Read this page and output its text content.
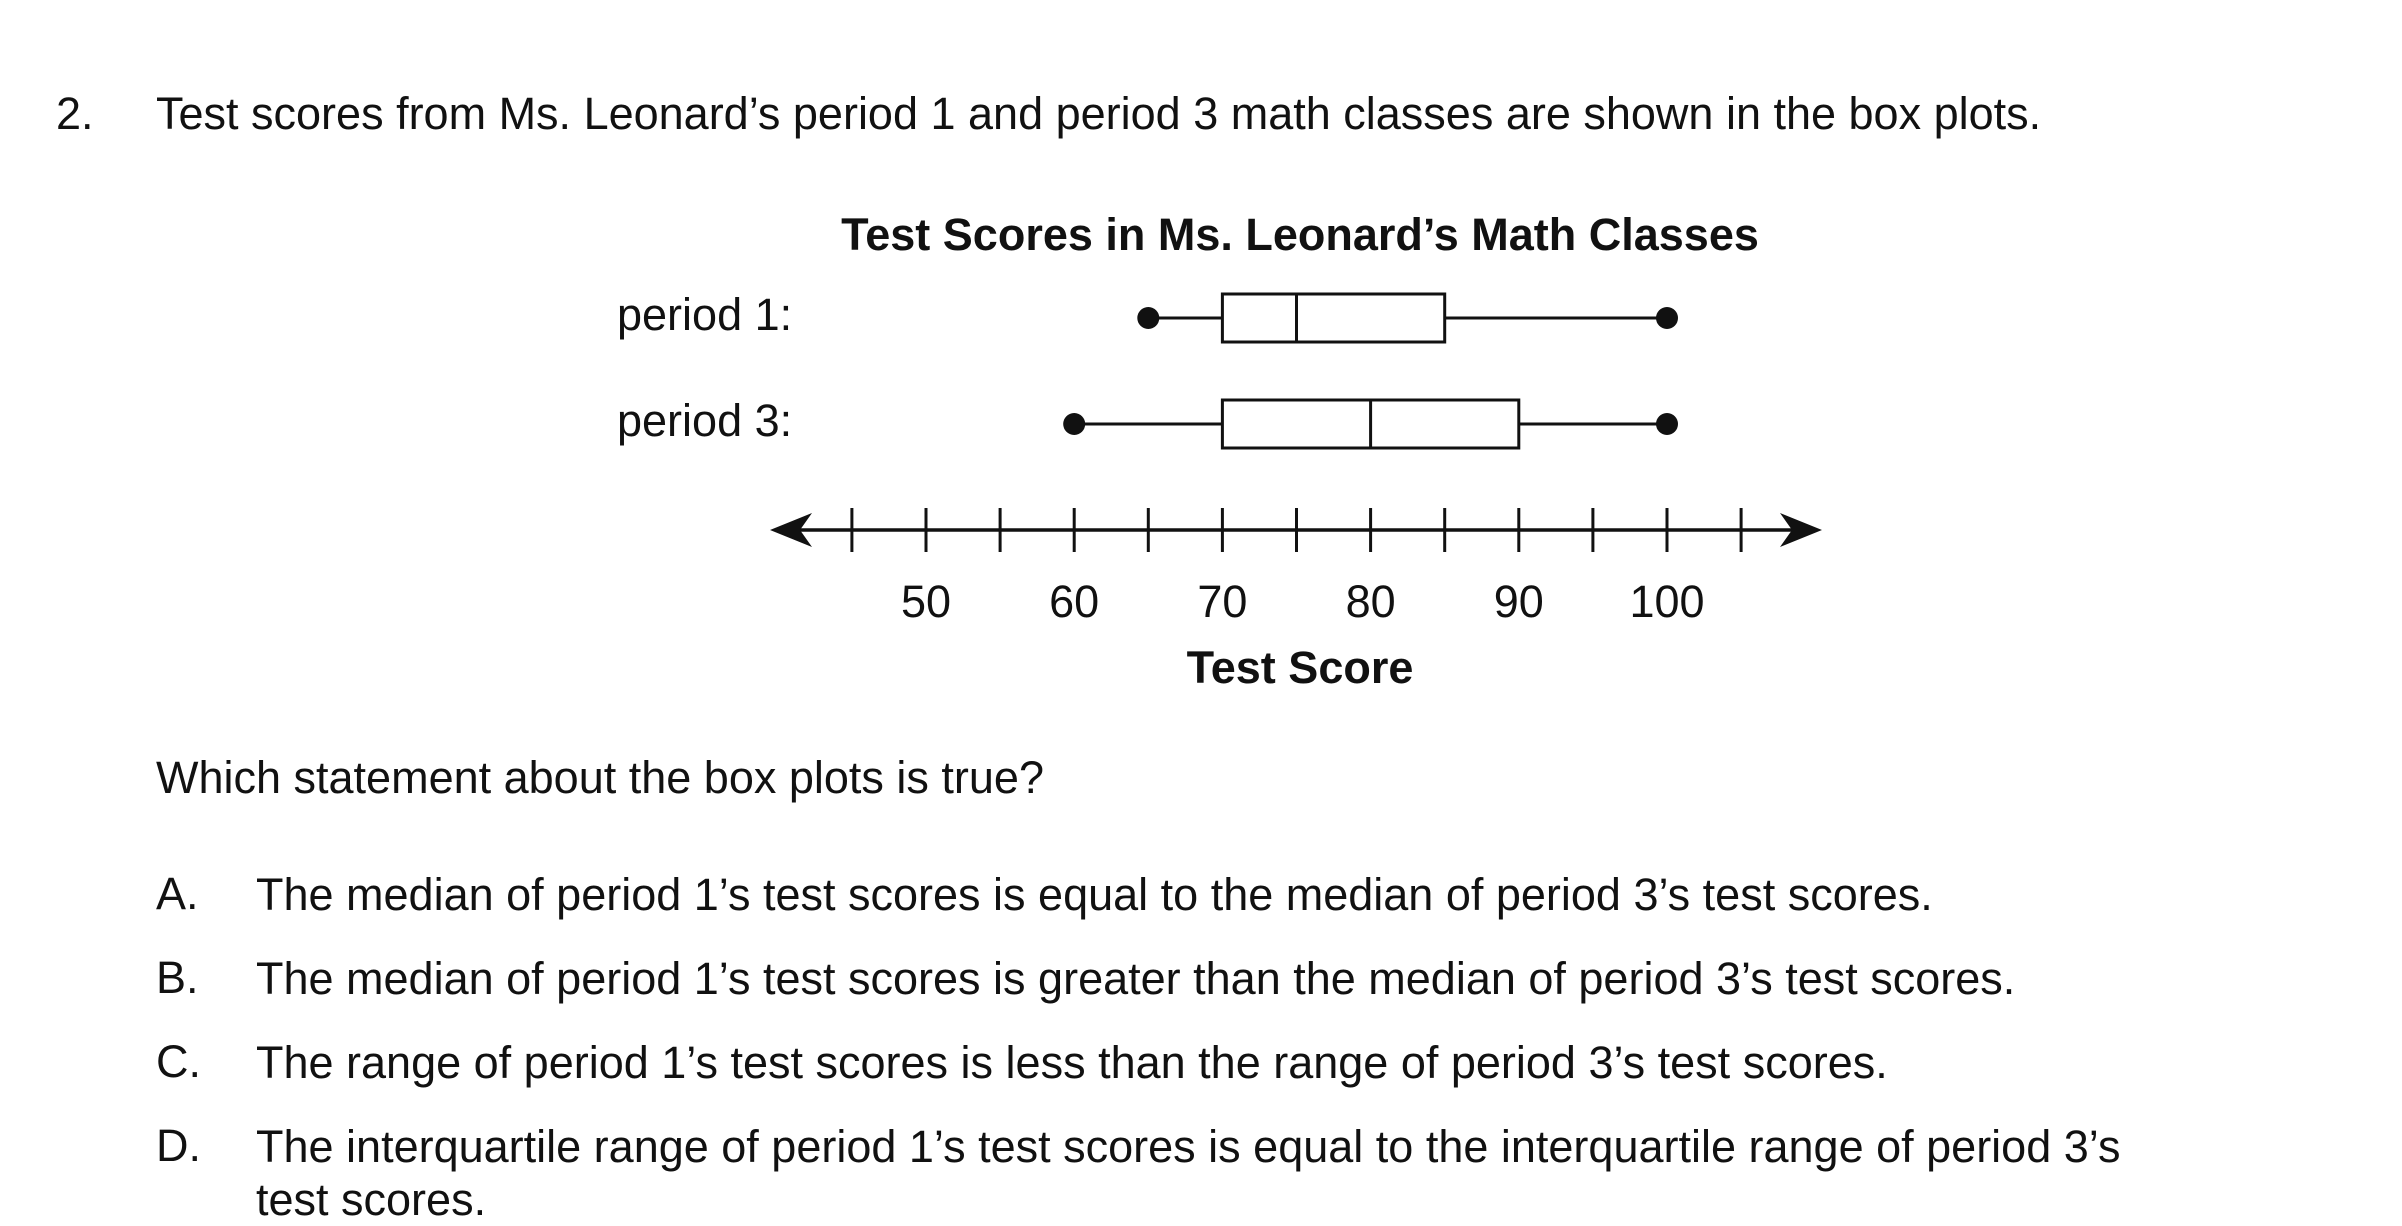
2. Test scores from Ms. Leonard’s period 1 and period 3 math classes are shown in the box plots.
Test Scores in Ms. Leonard’s Math Classes
period 1:
period 3:
50 60 70 80 90 100
Test Score
Which statement about the box plots is true?
A. The median of period 1’s test scores is equal to the median of period 3’s test scores.
B. The median of period 1’s test scores is greater than the median of period 3’s test scores.
C. The range of period 1’s test scores is less than the range of period 3’s test scores.
D. The interquartile range of period 1’s test scores is equal to the interquartile range of period 3’s test scores.
